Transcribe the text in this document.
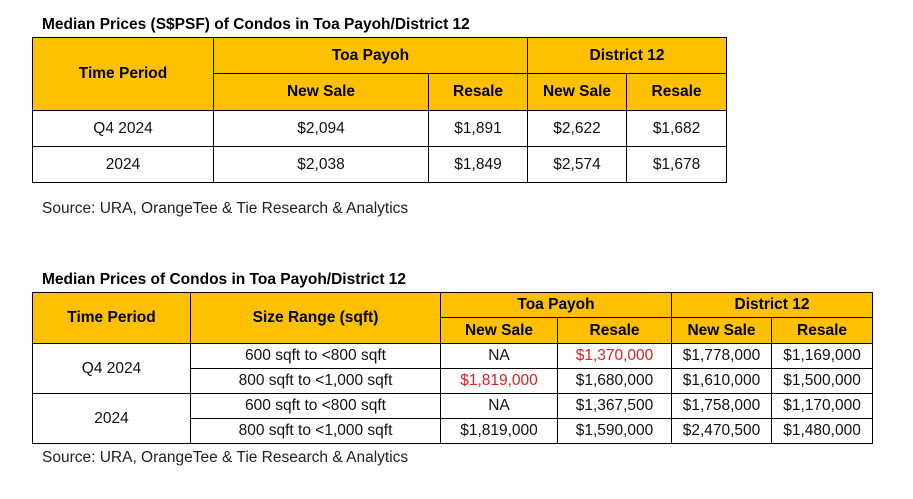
Median Prices (S$PSF) of Condos in Toa Payoh/District 12
Time Period	Toa Payoh		District 12	
	New Sale	Resale	New Sale	Resale
Q4 2024	$2,094	$1,891	$2,622	$1,682
2024	$2,038	$1,849	$2,574	$1,678
Source: URA, OrangeTee & Tie Research & Analytics
Median Prices of Condos in Toa Payoh/District 12
Time Period	Size Range (sqft)	Toa Payoh		District 12	
		New Sale	Resale	New Sale	Resale
Q4 2024	600 sqft to <800 sqft	NA	$1,370,000	$1,778,000	$1,169,000
	800 sqft to <1,000 sqft	$1,819,000	$1,680,000	$1,610,000	$1,500,000
2024	600 sqft to <800 sqft	NA	$1,367,500	$1,758,000	$1,170,000
	800 sqft to <1,000 sqft	$1,819,000	$1,590,000	$2,470,500	$1,480,000
Source: URA, OrangeTee & Tie Research & Analytics
